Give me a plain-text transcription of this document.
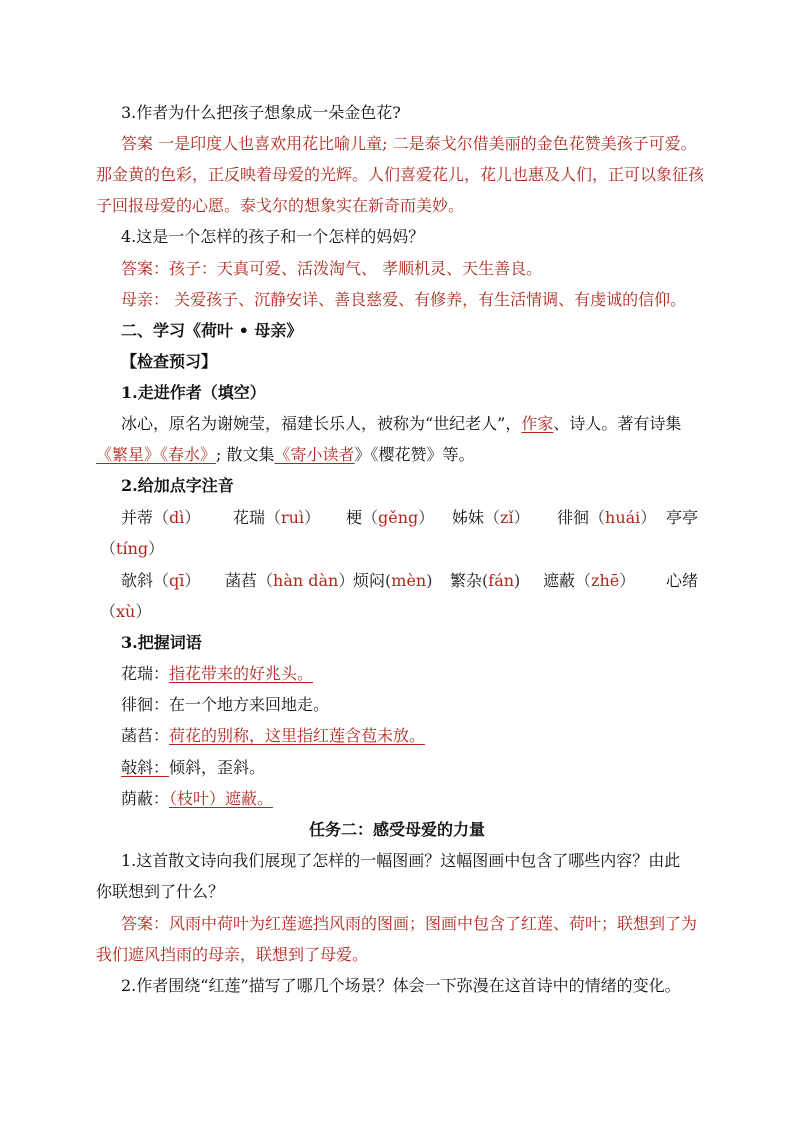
3.作者为什么把孩子想象成一朵金色花?
答案 一是印度人也喜欢用花比喻儿童; 二是泰戈尔借美丽的金色花赞美孩子可爱。
那金黄的色彩，正反映着母爱的光辉。人们喜爱花儿，花儿也惠及人们，正可以象征孩
子回报母爱的心愿。泰戈尔的想象实在新奇而美妙。
4.这是一个怎样的孩子和一个怎样的妈妈？
答案：孩子：天真可爱、活泼淘气、 孝顺机灵、天生善良。
母亲： 关爱孩子、沉静安详、善良慈爱、有修养，有生活情调、有虔诚的信仰。
二、学习《荷叶 • 母亲》
【检查预习】
1.走进作者（填空）
冰心，原名为谢婉莹，福建长乐人，被称为“世纪老人”，作家、诗人。著有诗集
《繁星》《春水》; 散文集《寄小读者》《樱花赞》等。
2.给加点字注音
并蒂（dì） 花瑞（ruì） 梗（gěng） 姊妹（zǐ） 徘徊（huái） 亭亭
（tíng）
欹斜（qī） 菡萏（hàn dàn）
烦闷(mèn) 繁杂(fán) 遮蔽（zhē） 心绪
（xù）
3.把握词语
花瑞：指花带来的好兆头。
徘徊：在一个地方来回地走。
菡萏：荷花的别称，这里指红莲含苞未放。
敧斜：倾斜，歪斜。
荫蔽：（枝叶）遮蔽。
任务二：感受母爱的力量
1.这首散文诗向我们展现了怎样的一幅图画？这幅图画中包含了哪些内容？由此
你联想到了什么？
答案：风雨中荷叶为红莲遮挡风雨的图画；图画中包含了红莲、荷叶；联想到了为
我们遮风挡雨的母亲，联想到了母爱。
2.作者围绕“红莲”描写了哪几个场景？体会一下弥漫在这首诗中的情绪的变化。
